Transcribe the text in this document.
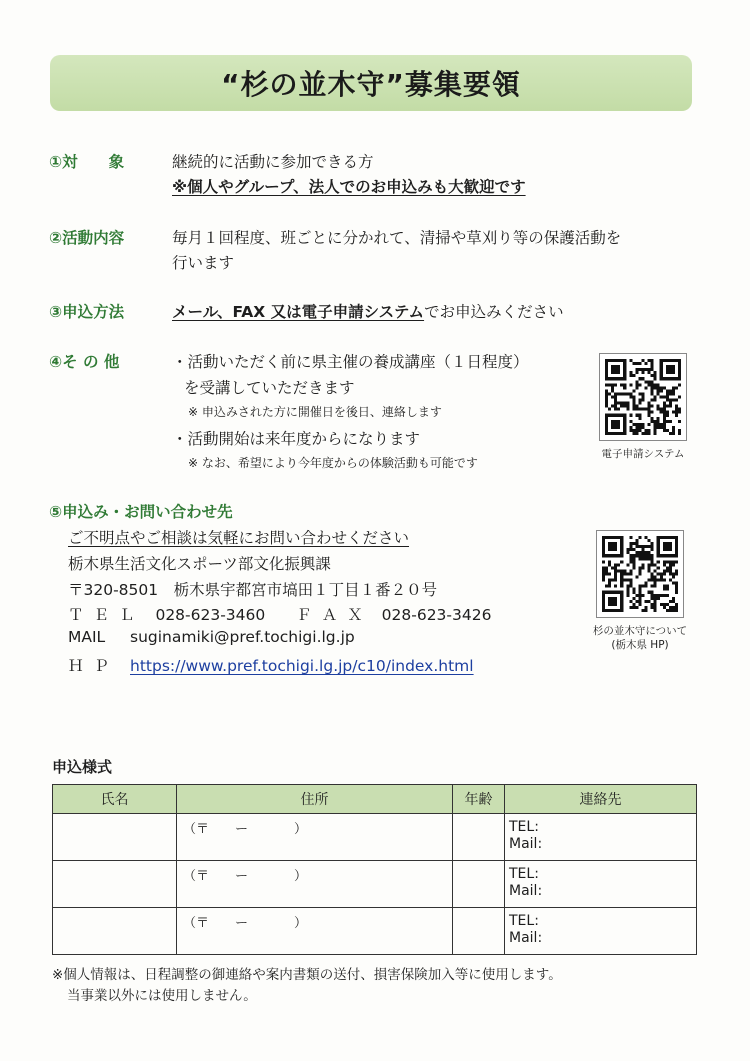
“杉の並木守”募集要領
①対　　象	継続的に活動に参加できる方
※個人やグループ、法人でのお申込みも大歓迎です
②活動内容	毎月１回程度、班ごとに分かれて、清掃や草刈り等の保護活動を
行います
③申込方法	メール、FAX 又は電子申請システムでお申込みください
④そ の 他	・活動いただく前に県主催の養成講座（１日程度）
を受講していただきます
※ 申込みされた方に開催日を後日、連絡します
・活動開始は来年度からになります
※ なお、希望により今年度からの体験活動も可能です
電子申請システム
⑤申込み・お問い合わせ先
ご不明点やご相談は気軽にお問い合わせください
栃木県生活文化スポーツ部文化振興課
〒320-8501　栃木県宇都宮市塙田１丁目１番２０号
ＴＥＬ 028-623-3460 ＦＡＸ 028-623-3426
MAIL suginamiki@pref.tochigi.lg.jp
ＨＰ https://www.pref.tochigi.lg.jp/c10/index.html
杉の並木守について
(栃木県 HP)
申込様式
氏名	住所	年齢	連絡先

	（〒 ー ）		TEL:
Mail:

	（〒 ー ）		TEL:
Mail:

	（〒 ー ）		TEL:
Mail:
※個人情報は、日程調整の御連絡や案内書類の送付、損害保険加入等に使用します。
当事業以外には使用しません。
